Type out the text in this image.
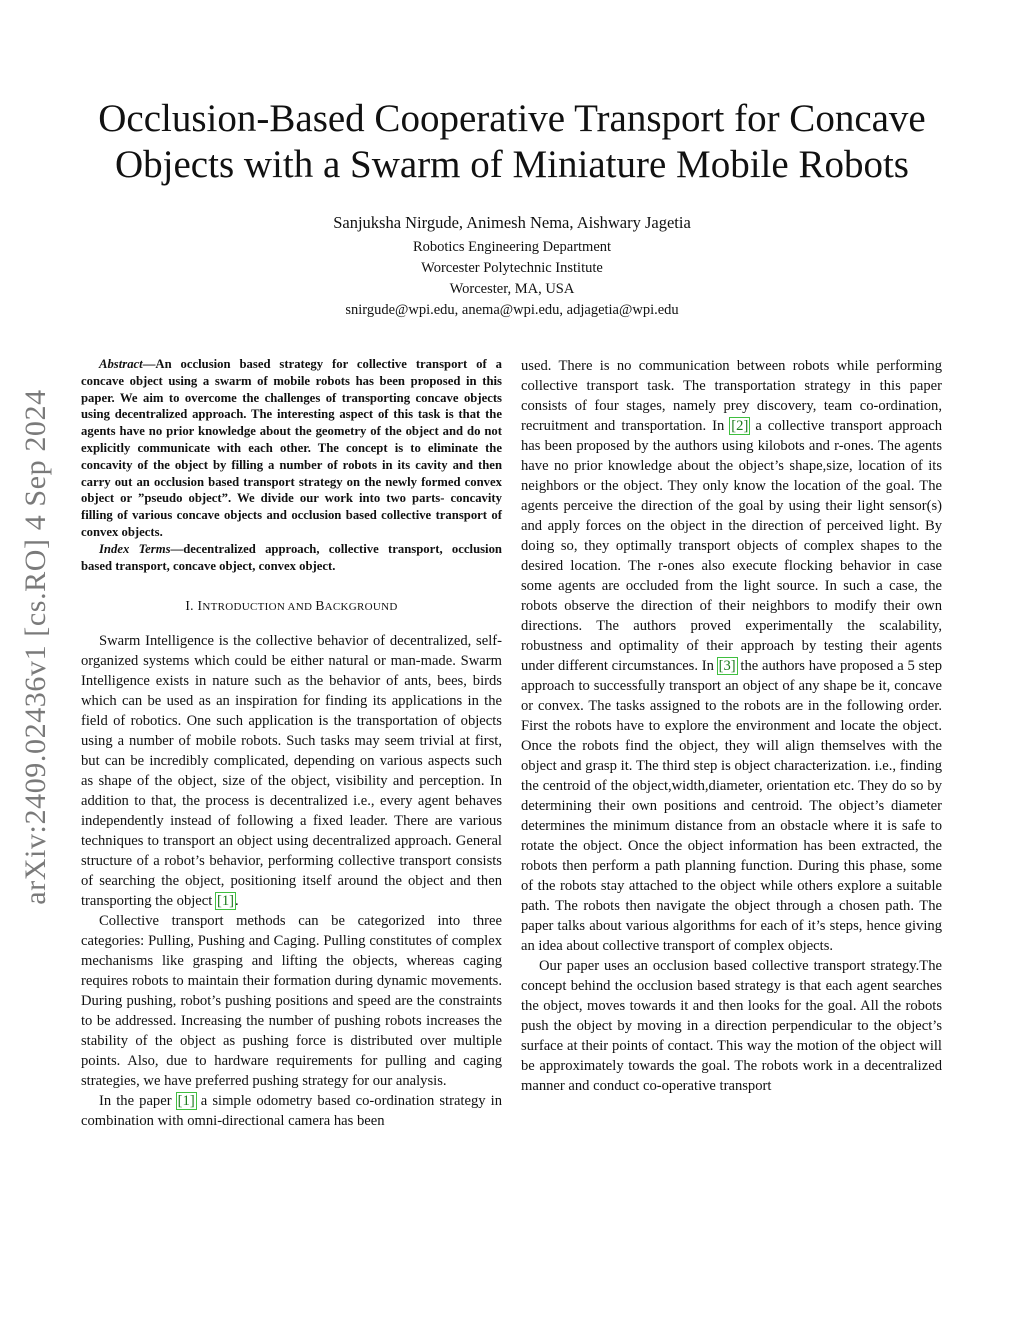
arXiv:2409.02436v1 [cs.RO] 4 Sep 2024
Occlusion-Based Cooperative Transport for Concave Objects with a Swarm of Miniature Mobile Robots
Sanjuksha Nirgude, Animesh Nema, Aishwary Jagetia
Robotics Engineering Department
Worcester Polytechnic Institute
Worcester, MA, USA
snirgude@wpi.edu, anema@wpi.edu, adjagetia@wpi.edu

Abstract—An occlusion based strategy for collective transport of a concave object using a swarm of mobile robots has been proposed in this paper. We aim to overcome the challenges of transporting concave objects using decentralized approach. The interesting aspect of this task is that the agents have no prior knowledge about the geometry of the object and do not explicitly communicate with each other. The concept is to eliminate the concavity of the object by filling a number of robots in its cavity and then carry out an occlusion based transport strategy on the newly formed convex object or ”pseudo object”. We divide our work into two parts- concavity filling of various concave objects and occlusion based collective transport of convex objects.

Index Terms—decentralized approach, collective transport, occlusion based transport, concave object, convex object.

I. INTRODUCTION AND BACKGROUND

Swarm Intelligence is the collective behavior of decentralized, self-organized systems which could be either natural or man-made. Swarm Intelligence exists in nature such as the behavior of ants, bees, birds which can be used as an inspiration for finding its applications in the field of robotics. One such application is the transportation of objects using a number of mobile robots. Such tasks may seem trivial at first, but can be incredibly complicated, depending on various aspects such as shape of the object, size of the object, visibility and perception. In addition to that, the process is decentralized i.e., every agent behaves independently instead of following a fixed leader. There are various techniques to transport an object using decentralized approach. General structure of a robot’s behavior, performing collective transport consists of searching the object, positioning itself around the object and then transporting the object [1].

Collective transport methods can be categorized into three categories: Pulling, Pushing and Caging. Pulling constitutes of complex mechanisms like grasping and lifting the objects, whereas caging requires robots to maintain their formation during dynamic movements. During pushing, robot’s pushing positions and speed are the constraints to be addressed. Increasing the number of pushing robots increases the stability of the object as pushing force is distributed over multiple points. Also, due to hardware requirements for pulling and caging strategies, we have preferred pushing strategy for our analysis.

In the paper [1] a simple odometry based co-ordination strategy in combination with omni-directional camera has been

used. There is no communication between robots while performing collective transport task. The transportation strategy in this paper consists of four stages, namely prey discovery, team co-ordination, recruitment and transportation. In [2] a collective transport approach has been proposed by the authors using kilobots and r-ones. The agents have no prior knowledge about the object’s shape,size, location of its neighbors or the object. They only know the location of the goal. The agents perceive the direction of the goal by using their light sensor(s) and apply forces on the object in the direction of perceived light. By doing so, they optimally transport objects of complex shapes to the desired location. The r-ones also execute flocking behavior in case some agents are occluded from the light source. In such a case, the robots observe the direction of their neighbors to modify their own directions. The authors proved experimentally the scalability, robustness and optimality of their approach by testing their agents under different circumstances. In [3] the authors have proposed a 5 step approach to successfully transport an object of any shape be it, concave or convex. The tasks assigned to the robots are in the following order. First the robots have to explore the environment and locate the object. Once the robots find the object, they will align themselves with the object and grasp it. The third step is object characterization. i.e., finding the centroid of the object,width,diameter, orientation etc. They do so by determining their own positions and centroid. The object’s diameter determines the minimum distance from an obstacle where it is safe to rotate the object. Once the object information has been extracted, the robots then perform a path planning function. During this phase, some of the robots stay attached to the object while others explore a suitable path. The robots then navigate the object through a chosen path. The paper talks about various algorithms for each of it’s steps, hence giving an idea about collective transport of complex objects.

Our paper uses an occlusion based collective transport strategy.The concept behind the occlusion based strategy is that each agent searches the object, moves towards it and then looks for the goal. All the robots push the object by moving in a direction perpendicular to the object’s surface at their points of contact. This way the motion of the object will be approximately towards the goal. The robots work in a decentralized manner and conduct co-operative transport
